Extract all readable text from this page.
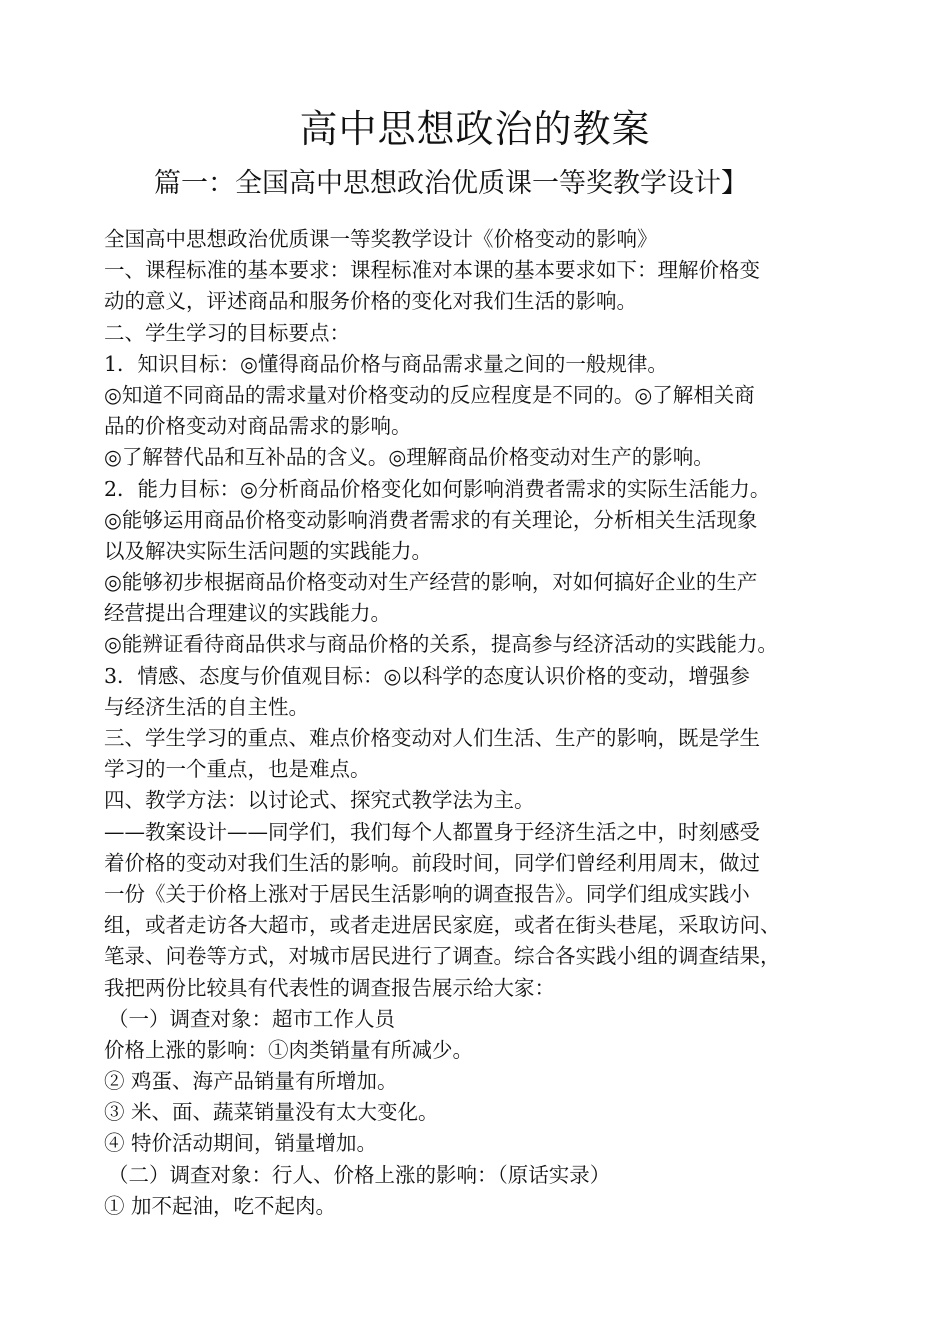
高中思想政治的教案
篇一：全国高中思想政治优质课一等奖教学设计】
全国高中思想政治优质课一等奖教学设计《价格变动的影响》
一、课程标准的基本要求：课程标准对本课的基本要求如下：理解价格变
动的意义，评述商品和服务价格的变化对我们生活的影响。
二、学生学习的目标要点：
1．知识目标：◎懂得商品价格与商品需求量之间的一般规律。
◎知道不同商品的需求量对价格变动的反应程度是不同的。◎了解相关商
品的价格变动对商品需求的影响。
◎了解替代品和互补品的含义。◎理解商品价格变动对生产的影响。
2．能力目标：◎分析商品价格变化如何影响消费者需求的实际生活能力。
◎能够运用商品价格变动影响消费者需求的有关理论，分析相关生活现象
以及解决实际生活问题的实践能力。
◎能够初步根据商品价格变动对生产经营的影响，对如何搞好企业的生产
经营提出合理建议的实践能力。
◎能辨证看待商品供求与商品价格的关系，提高参与经济活动的实践能力。
3．情感、态度与价值观目标：◎以科学的态度认识价格的变动，增强参
与经济生活的自主性。
三、学生学习的重点、难点价格变动对人们生活、生产的影响，既是学生
学习的一个重点，也是难点。
四、教学方法：以讨论式、探究式教学法为主。
——教案设计——同学们，我们每个人都置身于经济生活之中，时刻感受
着价格的变动对我们生活的影响。前段时间，同学们曾经利用周末，做过
一份《关于价格上涨对于居民生活影响的调查报告》。同学们组成实践小
组，或者走访各大超市，或者走进居民家庭，或者在街头巷尾，采取访问、
笔录、问卷等方式，对城市居民进行了调查。综合各实践小组的调查结果，
我把两份比较具有代表性的调查报告展示给大家：
（一）调查对象：超市工作人员
价格上涨的影响：①肉类销量有所减少。
② 鸡蛋、海产品销量有所增加。
③ 米、面、蔬菜销量没有太大变化。
④ 特价活动期间，销量增加。
（二）调查对象：行人、价格上涨的影响：（原话实录）
① 加不起油，吃不起肉。
